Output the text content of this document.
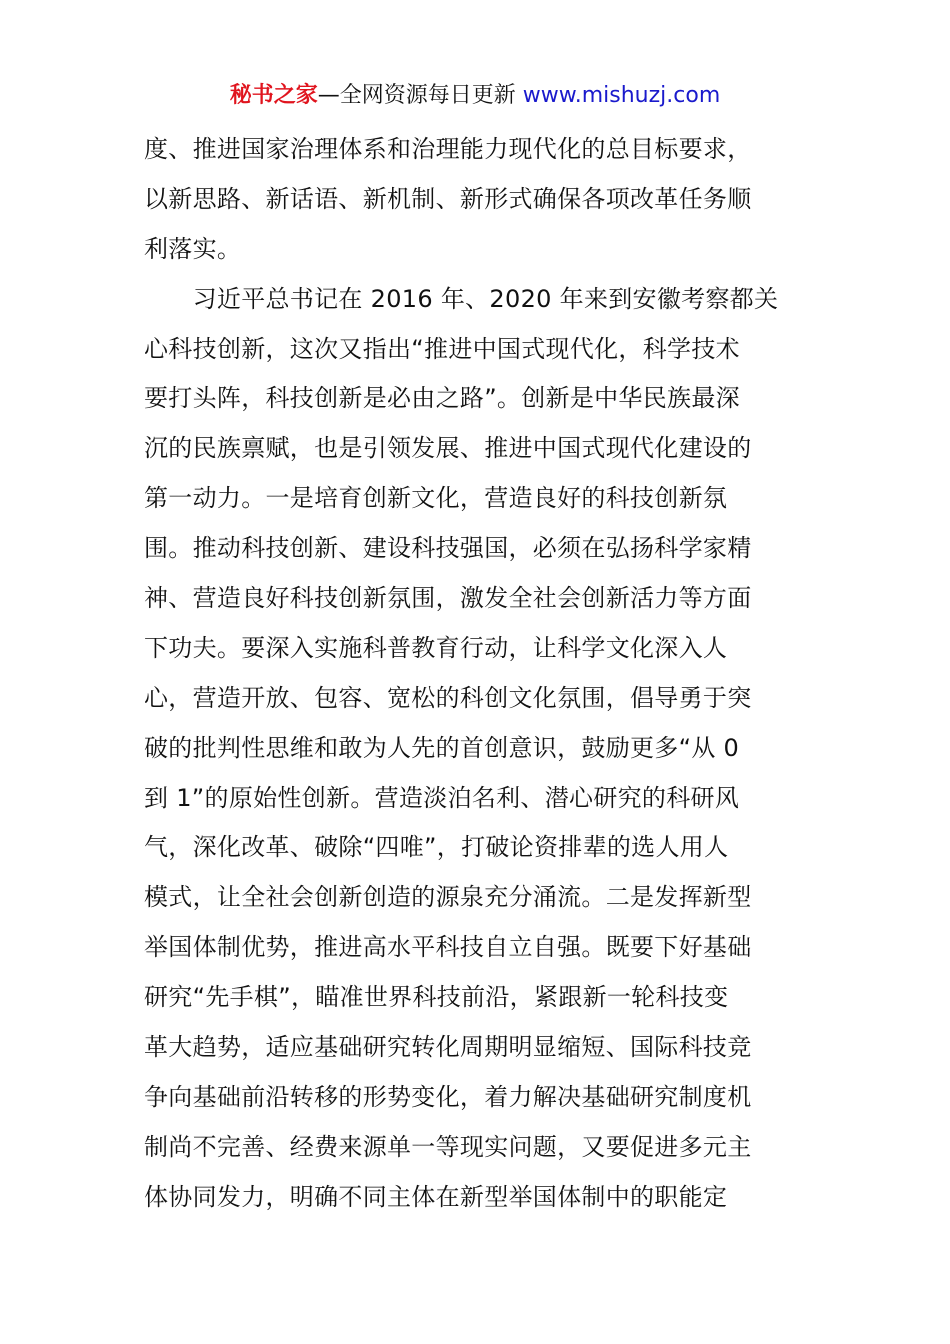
秘书之家—全网资源每日更新 www.mishuzj.com
度、推进国家治理体系和治理能力现代化的总目标要求，
以新思路、新话语、新机制、新形式确保各项改革任务顺
利落实。
　　习近平总书记在 2016 年、2020 年来到安徽考察都关
心科技创新，这次又指出“推进中国式现代化，科学技术
要打头阵，科技创新是必由之路”。创新是中华民族最深
沉的民族禀赋，也是引领发展、推进中国式现代化建设的
第一动力。一是培育创新文化，营造良好的科技创新氛
围。推动科技创新、建设科技强国，必须在弘扬科学家精
神、营造良好科技创新氛围，激发全社会创新活力等方面
下功夫。要深入实施科普教育行动，让科学文化深入人
心，营造开放、包容、宽松的科创文化氛围，倡导勇于突
破的批判性思维和敢为人先的首创意识，鼓励更多“从 0
到 1”的原始性创新。营造淡泊名利、潜心研究的科研风
气，深化改革、破除“四唯”，打破论资排辈的选人用人
模式，让全社会创新创造的源泉充分涌流。二是发挥新型
举国体制优势，推进高水平科技自立自强。既要下好基础
研究“先手棋”，瞄准世界科技前沿，紧跟新一轮科技变
革大趋势，适应基础研究转化周期明显缩短、国际科技竞
争向基础前沿转移的形势变化，着力解决基础研究制度机
制尚不完善、经费来源单一等现实问题，又要促进多元主
体协同发力，明确不同主体在新型举国体制中的职能定
